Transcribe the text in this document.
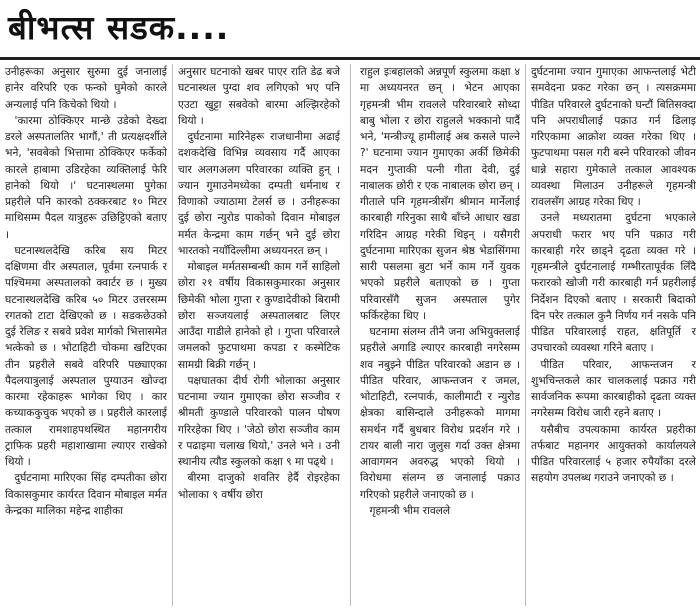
बीभत्स सडक....

उनीहरूका अनुसार सुरुमा दुई जनालाई हानेर वरिपरि एक फन्को घुमेको कारले अन्यलाई पनि किचेको थियो ।

'कारमा ठोक्किएर मान्छे उडेको देख्दा डरले अस्पतालतिर भागौं,' ती प्रत्यक्षदर्शीले भने, 'सवबेको भित्तामा ठोक्किएर फर्केको कारले हाबामा उडिरहेका व्यक्तिलाई फेरि हानेको थियो ।' घटनास्थलमा पुगेका प्रहरीले पनि कारको ठक्करबाट १० मिटर माथिसम्म पैदल यात्रुहरू उछिट्टिएको बताए ।

घटनास्थलदेखि करिब सय मिटर दक्षिणमा वीर अस्पताल, पूर्वमा रत्नपार्क र पश्चिममा अस्पतालको क्वार्टर छ । मुख्य घटनास्थलदेखि करिब ५० मिटर उत्तरसम्म रगतको टाटा देखिएको छ । सडकछेउको दुई रेलिङ र सबवे प्रवेश मार्गको भित्तासमेत भत्केको छ । भोटाहिटी चोकमा खटिएका तीन प्रहरीले सबवे वरिपरि पछ्याएका पैदलयात्रुलाई अस्पताल पुग्याउन खोज्दा कारमा रहेकाहरू भागेका थिए । कार कच्याककुचुक भएको छ । प्रहरीले कारलाई तत्काल रामशाहपथस्थित महानगरीय ट्राफिक प्रहरी महाशाखामा ल्याएर राखेको थियो ।

दुर्घटनामा मारिएका सिंह दम्पतीका छोरा विकासकुमार कार्यरत दिवान मोबाइल मर्मत केन्द्रका मालिका महेन्द्र शाहीका

अनुसार घटनाको खबर पाएर राति डेढ बजे घटनास्थल पुग्दा शव लगिएको भए पनि एउटा खुट्टा सबवेको बारमा अल्झिरहेको थियो ।

दुर्घटनामा मारिनेहरू राजधानीमा अढाई दशकदेखि विभिन्न व्यवसाय गर्दै आएका चार अलगअलग परिवारका व्यक्ति हुन् । ज्यान गुमाउनेमध्येका दम्पती धर्मनाथ र विणाको ज्याठामा टेलर्स छ । उनीहरूका दुई छोरा न्युरोड पाकोको दिवान मोबाइल मर्मत केन्द्रमा काम गर्छन् भने दुई छोरा भारतको नयाँदिल्लीमा अध्ययनरत छन् ।

मोबाइल मर्मतसम्बन्धी काम गर्ने साहिलो छोरा २१ वर्षीय विकासकुमारका अनुसार छिमेकी भोला गुप्ता र कुण्डादेवीको बिरामी छोरा सञ्जयलाई अस्पतालबाट लिएर आउँदा गाडीले हानेको हो । गुप्ता परिवारले जमलको फुटपाथमा कपडा र कस्मेटिक सामग्री बिक्री गर्छन् ।

पक्षघातका दीर्घ रोगी भोलाका अनुसार घटनामा ज्यान गुमाएका छोरा सञ्जीव र श्रीमती कुण्डाले परिवारको पालन पोषण गरिरहेका थिए । 'जेठो छोरा सञ्जीव काम र पढाइमा चलाख थियो,' उनले भने । उनी स्थानीय त्यौड स्कुलको कक्षा ९ मा पढ्थे ।

बीरमा दाजुको शवतिर हेर्दै रोइरहेका भोलाका ९ वर्षीय छोरा

राहुल इःबहालको अन्नपूर्ण स्कुलमा कक्षा ४ मा अध्ययनरत छन् । भेटन आएका गृहमन्त्री भीम रावलले परिवारबारे सोध्दा बाबु भोला र छोरा राहुलले भक्कानो पार्दै भने, 'मन्त्रीज्यू हामीलाई अब कसले पाल्ने ?' घटनामा ज्यान गुमाएका अर्की छिमेकी मदन गुप्ताकी पत्नी गीता देवी, दुई नाबालक छोरी र एक नाबालक छोरा छन् । गीताले पनि गृहमन्त्रीसँग श्रीमान मार्नेलाई कारबाही गरिनुका साथै बाँच्ने आधार खडा गरिदिन आग्रह गरेकी थिइन् । यसैगरी दुर्घटनामा मारिएका सुजन श्रेष्ठ भेडासिंगमा सारी पसलमा बुटा भर्ने काम गर्ने युवक भएको प्रहरीले बताएको छ । गुप्ता परिवारसँगै सुजन अस्पताल पुगेर फर्किरहेका थिए ।

घटनामा संलग्न तीनै जना अभियुक्तलाई प्रहरीले अगाडि ल्याएर कारबाही नगरेसम्म शव नबुझ्ने पीडित परिवारको अडान छ । पीडित परिवार, आफन्तजन र जमल, भोटाहिटी, रत्नपार्क, कालीमाटी र न्युरोड क्षेत्रका बासिन्दाले उनीहरूको मागमा समर्थन गर्दै बुधबार विरोध प्रदर्शन गरे । टायर बाली नारा जुलुस गर्दा उक्त क्षेत्रमा आवागमन अवरुद्ध भएको थियो । विरोधमा संलग्न छ जनालाई पक्राउ गरिएको प्रहरीले जनाएको छ ।

गृहमन्त्री भीम रावलले

दुर्घटनामा ज्यान गुमाएका आफन्तलाई भेटी समवेदना प्रकट गरेका छन् । त्यसक्रममा पीडित परिवारले दुर्घटनाको घन्टौं बितिसक्दा पनि अपराधीलाई पक्राउ गर्न ढिलाइ गरिएकामा आक्रोश व्यक्त गरेका थिए । फुटपाथमा पसल गरी बस्ने परिवारको जीवन धान्ने सहारा गुमेकाले तत्काल आवश्यक व्यवस्था मिलाउन उनीहरूले गृहमन्त्री रावलसँग आग्रह गरेका थिए ।

उनले मध्यरातमा दुर्घटना भएकाले अपराधी फरार भए पनि पक्राउ गरी कारबाही गरेर छाड्ने दृढता व्यक्त गरे । गृहमन्त्रीले दुर्घटनालाई गम्भीरतापूर्वक लिँदै फरारको खोजी गरी कारबाही गर्न प्रहरीलाई निर्देशन दिएको बताए । सरकारी बिदाको दिन परेर तत्काल कुनै निर्णय गर्न नसके पनि पीडित परिवारलाई राहत, क्षतिपूर्ति र उपचारको व्यवस्था गरिने बताए ।

पीडित परिवार, आफन्तजन र शुभचिन्तकले कार चालकलाई पक्राउ गरी सार्वजनिक रूपमा कारबाहीको दृढता व्यक्त नगरेसम्म विरोध जारी रहने बताए ।

यसैबीच उपत्यकामा कार्यरत प्रहरीका तर्फबाट महानगर आयुक्तको कार्यालयले पीडित परिवारलाई ५ हजार रुपैयाँका दरले सहयोग उपलब्ध गराउने जनाएको छ ।
